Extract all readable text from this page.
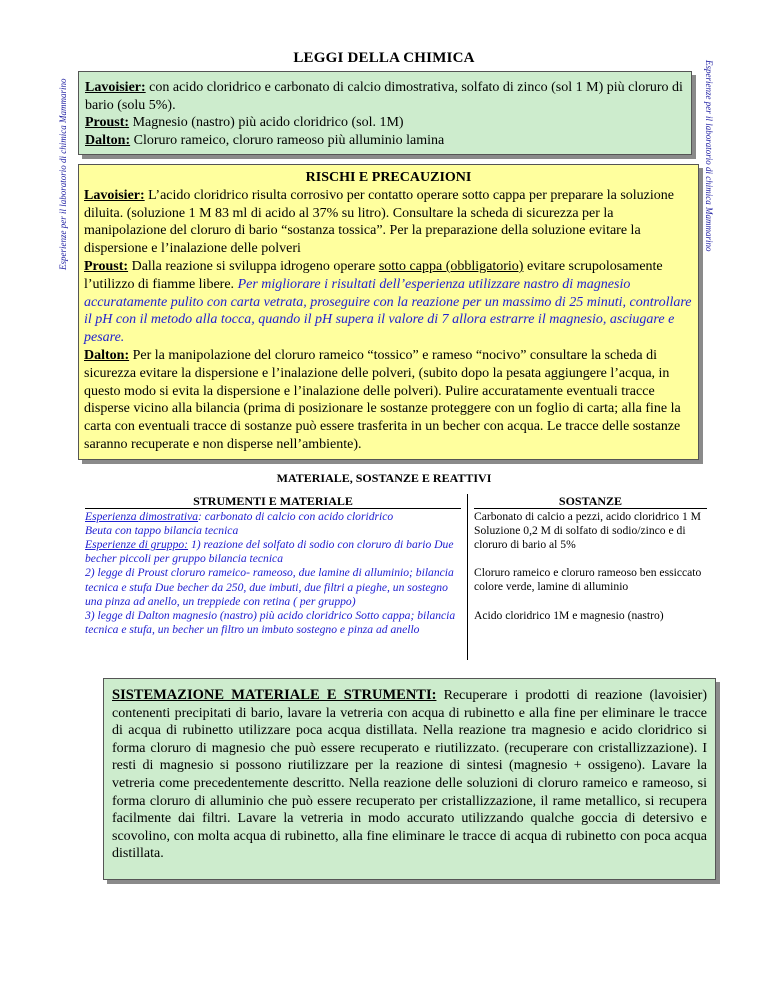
Esperienze per il laboratorio di chimica Mammarino	Esperienze per il laboratorio di chimica Mammarino
LEGGI DELLA CHIMICA
Lavoisier: con acido cloridrico e carbonato di calcio dimostrativa, solfato di zinco (sol 1 M) più cloruro di bario (solu 5%).
Proust: Magnesio (nastro) più acido cloridrico (sol. 1M)
Dalton: Cloruro rameico, cloruro rameoso più alluminio lamina
RISCHI E PRECAUZIONI
Lavoisier: L’acido cloridrico risulta corrosivo per contatto operare sotto cappa per preparare la soluzione diluita. (soluzione 1 M 83 ml di acido al 37% su litro). Consultare la scheda di sicurezza per la manipolazione del cloruro di bario “sostanza tossica”. Per la preparazione della soluzione evitare la dispersione e l’inalazione delle polveri
Proust: Dalla reazione si sviluppa idrogeno operare sotto cappa (obbligatorio) evitare scrupolosamente l’utilizzo di fiamme libere. Per migliorare i risultati dell’esperienza utilizzare nastro di magnesio accuratamente pulito con carta vetrata, proseguire con la reazione per un massimo di 25 minuti, controllare il pH con il metodo alla tocca, quando il pH supera il valore di 7 allora estrarre il magnesio, asciugare e pesare.
Dalton: Per la manipolazione del cloruro rameico “tossico” e rameso “nocivo” consultare la scheda di sicurezza evitare la dispersione e l’inalazione delle polveri, (subito dopo la pesata aggiungere l’acqua, in questo modo si evita la dispersione e l’inalazione delle polveri). Pulire accuratamente eventuali tracce disperse vicino alla bilancia (prima di posizionare le sostanze proteggere con un foglio di carta; alla fine la carta con eventuali tracce di sostanze può essere trasferita in un becher con acqua. Le tracce delle sostanze saranno recuperate e non disperse nell’ambiente).
MATERIALE, SOSTANZE E REATTIVI
STRUMENTI E MATERIALE
Esperienza dimostrativa: carbonato di calcio con acido cloridrico
Beuta con tappo bilancia tecnica
Esperienze di gruppo: 1) reazione del solfato di sodio con cloruro di bario Due becher piccoli per gruppo bilancia tecnica
2) legge di Proust cloruro rameico- rameoso, due lamine di alluminio; bilancia tecnica e stufa Due becher da 250, due imbuti, due filtri a pieghe, un sostegno una pinza ad anello, un treppiede con retina ( per gruppo)
3) legge di Dalton magnesio (nastro) più acido cloridrico Sotto cappa; bilancia tecnica e stufa, un becher un filtro un imbuto sostegno e pinza ad anello
SOSTANZE
Carbonato di calcio a pezzi, acido cloridrico 1 M
Soluzione 0,2 M di solfato di sodio/zinco e di cloruro di bario al 5%
Cloruro rameico e cloruro rameoso ben essiccato colore verde, lamine di alluminio
Acido cloridrico 1M e magnesio (nastro)
SISTEMAZIONE MATERIALE E STRUMENTI: Recuperare i prodotti di reazione (lavoisier) contenenti precipitati di bario, lavare la vetreria con acqua di rubinetto e alla fine per eliminare le tracce di acqua di rubinetto utilizzare poca acqua distillata. Nella reazione tra magnesio e acido cloridrico si forma cloruro di magnesio che può essere recuperato e riutilizzato. (recuperare con cristallizzazione). I resti di magnesio si possono riutilizzare per la reazione di sintesi (magnesio + ossigeno). Lavare la vetreria come precedentemente descritto. Nella reazione delle soluzioni di cloruro rameico e rameoso, si forma cloruro di alluminio che può essere recuperato per cristallizzazione, il rame metallico, si recupera facilmente dai filtri. Lavare la vetreria in modo accurato utilizzando qualche goccia di detersivo e scovolino, con molta acqua di rubinetto, alla fine eliminare le tracce di acqua di rubinetto con poca acqua distillata.
